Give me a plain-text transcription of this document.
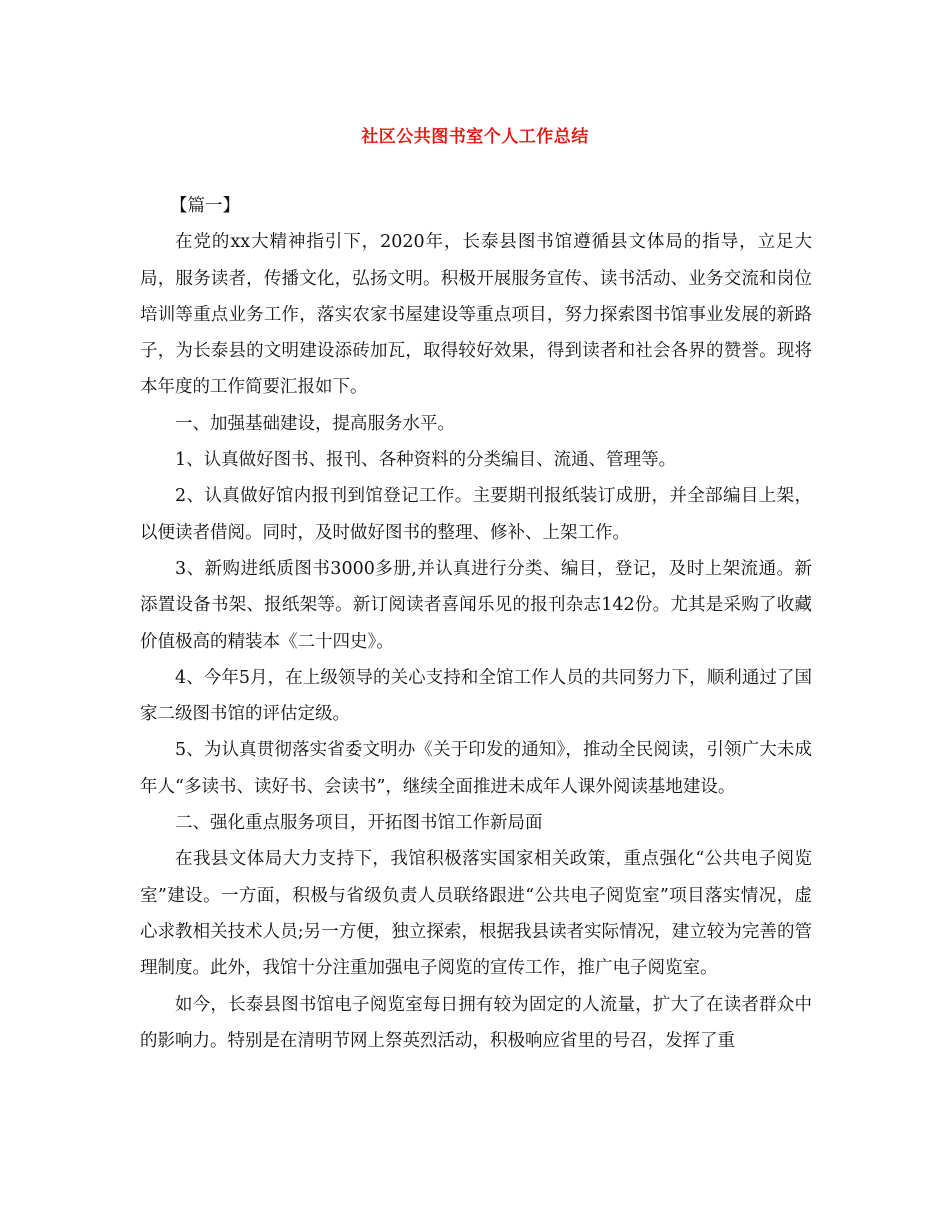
社区公共图书室个人工作总结

【篇一】

在党的xx大精神指引下，2020年，长泰县图书馆遵循县文体局的指导，立足大局，服务读者，传播文化，弘扬文明。积极开展服务宣传、读书活动、业务交流和岗位培训等重点业务工作，落实农家书屋建设等重点项目，努力探索图书馆事业发展的新路子，为长泰县的文明建设添砖加瓦，取得较好效果，得到读者和社会各界的赞誉。现将本年度的工作简要汇报如下。

一、加强基础建设，提高服务水平。

1、认真做好图书、报刊、各种资料的分类编目、流通、管理等。

2、认真做好馆内报刊到馆登记工作。主要期刊报纸装订成册，并全部编目上架，以便读者借阅。同时，及时做好图书的整理、修补、上架工作。

3、新购进纸质图书3000多册,并认真进行分类、编目，登记，及时上架流通。新添置设备书架、报纸架等。新订阅读者喜闻乐见的报刊杂志142份。尤其是采购了收藏价值极高的精装本《二十四史》。

4、今年5月，在上级领导的关心支持和全馆工作人员的共同努力下，顺利通过了国家二级图书馆的评估定级。

5、为认真贯彻落实省委文明办《关于印发的通知》，推动全民阅读，引领广大未成年人“多读书、读好书、会读书”，继续全面推进未成年人课外阅读基地建设。

二、强化重点服务项目，开拓图书馆工作新局面

在我县文体局大力支持下，我馆积极落实国家相关政策，重点强化“公共电子阅览室”建设。一方面，积极与省级负责人员联络跟进“公共电子阅览室”项目落实情况，虚心求教相关技术人员;另一方便，独立探索，根据我县读者实际情况，建立较为完善的管理制度。此外，我馆十分注重加强电子阅览的宣传工作，推广电子阅览室。

如今，长泰县图书馆电子阅览室每日拥有较为固定的人流量，扩大了在读者群众中的影响力。特别是在清明节网上祭英烈活动，积极响应省里的号召，发挥了重
